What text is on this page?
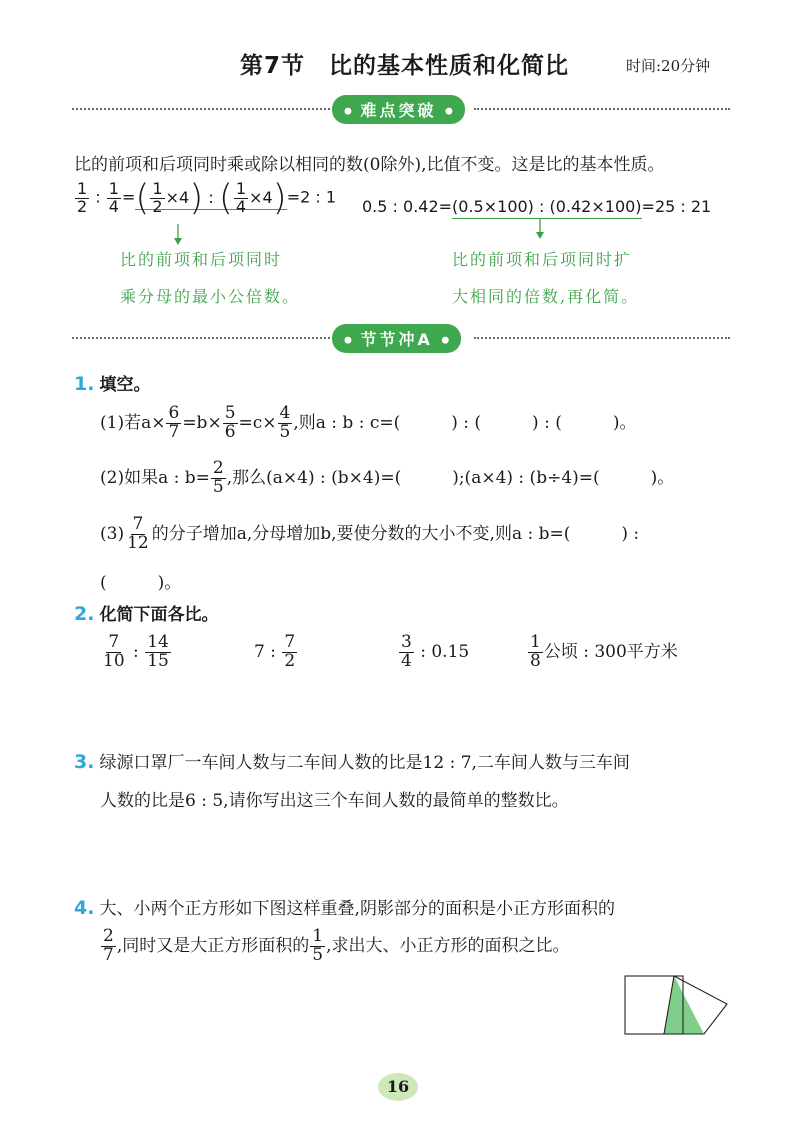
第7节　比的基本性质和化简比	时间:20分钟
● 难点突破 ●
比的前项和后项同时乘或除以相同的数(0除外),比值不变。这是比的基本性质。
$\frac{1}{2}$ : $\frac{1}{4}$ =( $\frac{1}{2} \times 4$) : ( $\frac{1}{4} \times 4)=2$ : 1 0.5 : 0.42=(0.5×100) : (0.42×100)=25 : 21
比的前项和后项同时
乘分母的最小公倍数。
比的前项和后项同时扩
大相同的倍数,再化简。
● 节节冲A ●
1. 填空。
(1)若$a\times \frac{6}{7} =b\times \frac{5}{6} =c\times \frac{4}{5}$ ,则a : b : c=(　　　) : (　　　) : (　　　)。
(2)如果a : $b= \frac{2}{5}$ ,那么(a×4) : (b×4)=(　　　);(a×4) : (b÷4)=(　　　)。
$(3) \frac{7}{12}$ 的分子增加a,分母增加b,要使分数的大小不变,则a : b=(　　　) :
(　　　)。
2. 化简下面各比。
$\frac{7}{10}$ : $\frac{14}{15}$	7 : $\frac{7}{2}$	$\frac{3}{4}$ : 0.15	$\frac{1}{8}$ 公顷 : 300平方米
3. 绿源口罩厂一车间人数与二车间人数的比是12 : 7,二车间人数与三车间
人数的比是6 : 5,请你写出这三个车间人数的最简单的整数比。
4. 大、小两个正方形如下图这样重叠,阴影部分的面积是小正方形面积的
$\frac{2}{7}$ ,同时又是大正方形面积的 $\frac{1}{5}$ ,求出大、小正方形的面积之比。
16
